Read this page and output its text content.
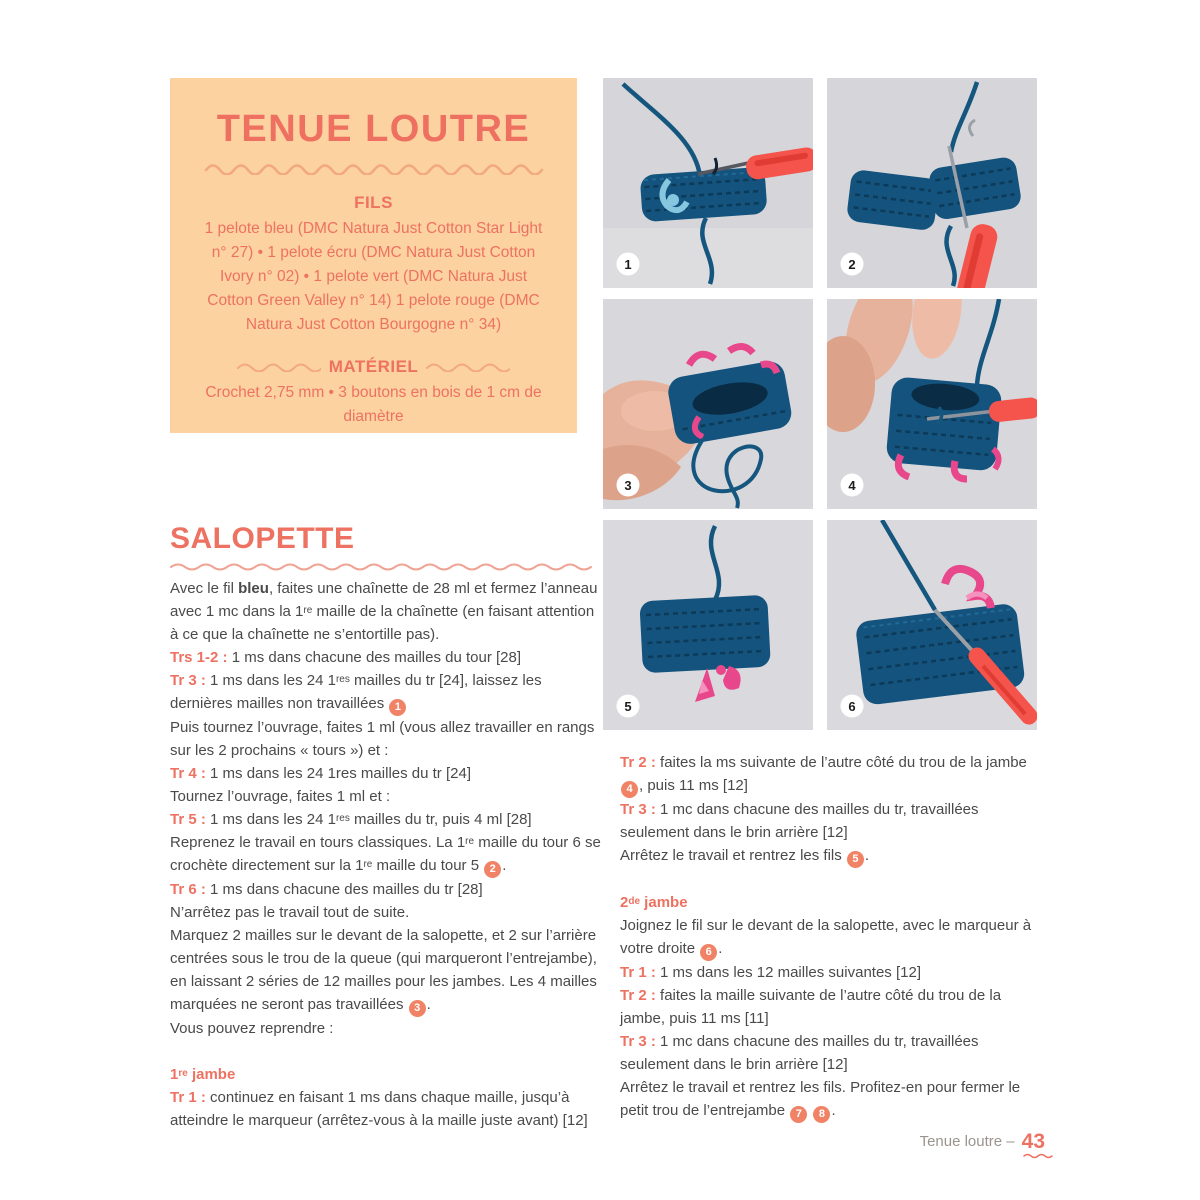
TENUE LOUTRE
FILS

1 pelote bleu (DMC Natura Just Cotton Star Light n° 27) • 1 pelote écru (DMC Natura Just Cotton Ivory n° 02) • 1 pelote vert (DMC Natura Just Cotton Green Valley n° 14) 1 pelote rouge (DMC Natura Just Cotton Bourgogne n° 34)

MATÉRIEL

Crochet 2,75 mm • 3 boutons en bois de 1 cm de diamètre

1	2
3	4
5	6
SALOPETTE

Avec le fil bleu, faites une chaînette de 28 ml et fermez l’anneau avec 1 mc dans la 1re maille de la chaînette (en faisant attention à ce que la chaînette ne s’entortille pas).

Trs 1-2 : 1 ms dans chacune des mailles du tour [28]

Tr 3 : 1 ms dans les 24 1res mailles du tr [24], laissez les dernières mailles non travaillées 1

Puis tournez l’ouvrage, faites 1 ml (vous allez travailler en rangs sur les 2 prochains « tours ») et :

Tr 4 : 1 ms dans les 24 1res mailles du tr [24]

Tournez l’ouvrage, faites 1 ml et :

Tr 5 : 1 ms dans les 24 1res mailles du tr, puis 4 ml [28]

Reprenez le travail en tours classiques. La 1re maille du tour 6 se crochète directement sur la 1re maille du tour 5 2 .

Tr 6 : 1 ms dans chacune des mailles du tr [28]

N’arrêtez pas le travail tout de suite.

Marquez 2 mailles sur le devant de la salopette, et 2 sur l’arrière centrées sous le trou de la queue (qui marqueront l’entrejambe), en laissant 2 séries de 12 mailles pour les jambes. Les 4 mailles marquées ne seront pas travaillées 3 .

Vous pouvez reprendre :

1re jambe

Tr 1 : continuez en faisant 1 ms dans chaque maille, jusqu’à atteindre le marqueur (arrêtez-vous à la maille juste avant) [12]

Tr 2 : faites la ms suivante de l’autre côté du trou de la jambe 4 , puis 11 ms [12]

Tr 3 : 1 mc dans chacune des mailles du tr, travaillées seulement dans le brin arrière [12]

Arrêtez le travail et rentrez les fils 5 .

2de jambe

Joignez le fil sur le devant de la salopette, avec le marqueur à votre droite 6 .

Tr 1 : 1 ms dans les 12 mailles suivantes [12]

Tr 2 : faites la maille suivante de l’autre côté du trou de la jambe, puis 11 ms [11]

Tr 3 : 1 mc dans chacune des mailles du tr, travaillées seulement dans le brin arrière [12]

Arrêtez le travail et rentrez les fils. Profitez-en pour fermer le petit trou de l’entrejambe 7 8 .

Tenue loutre – 43
